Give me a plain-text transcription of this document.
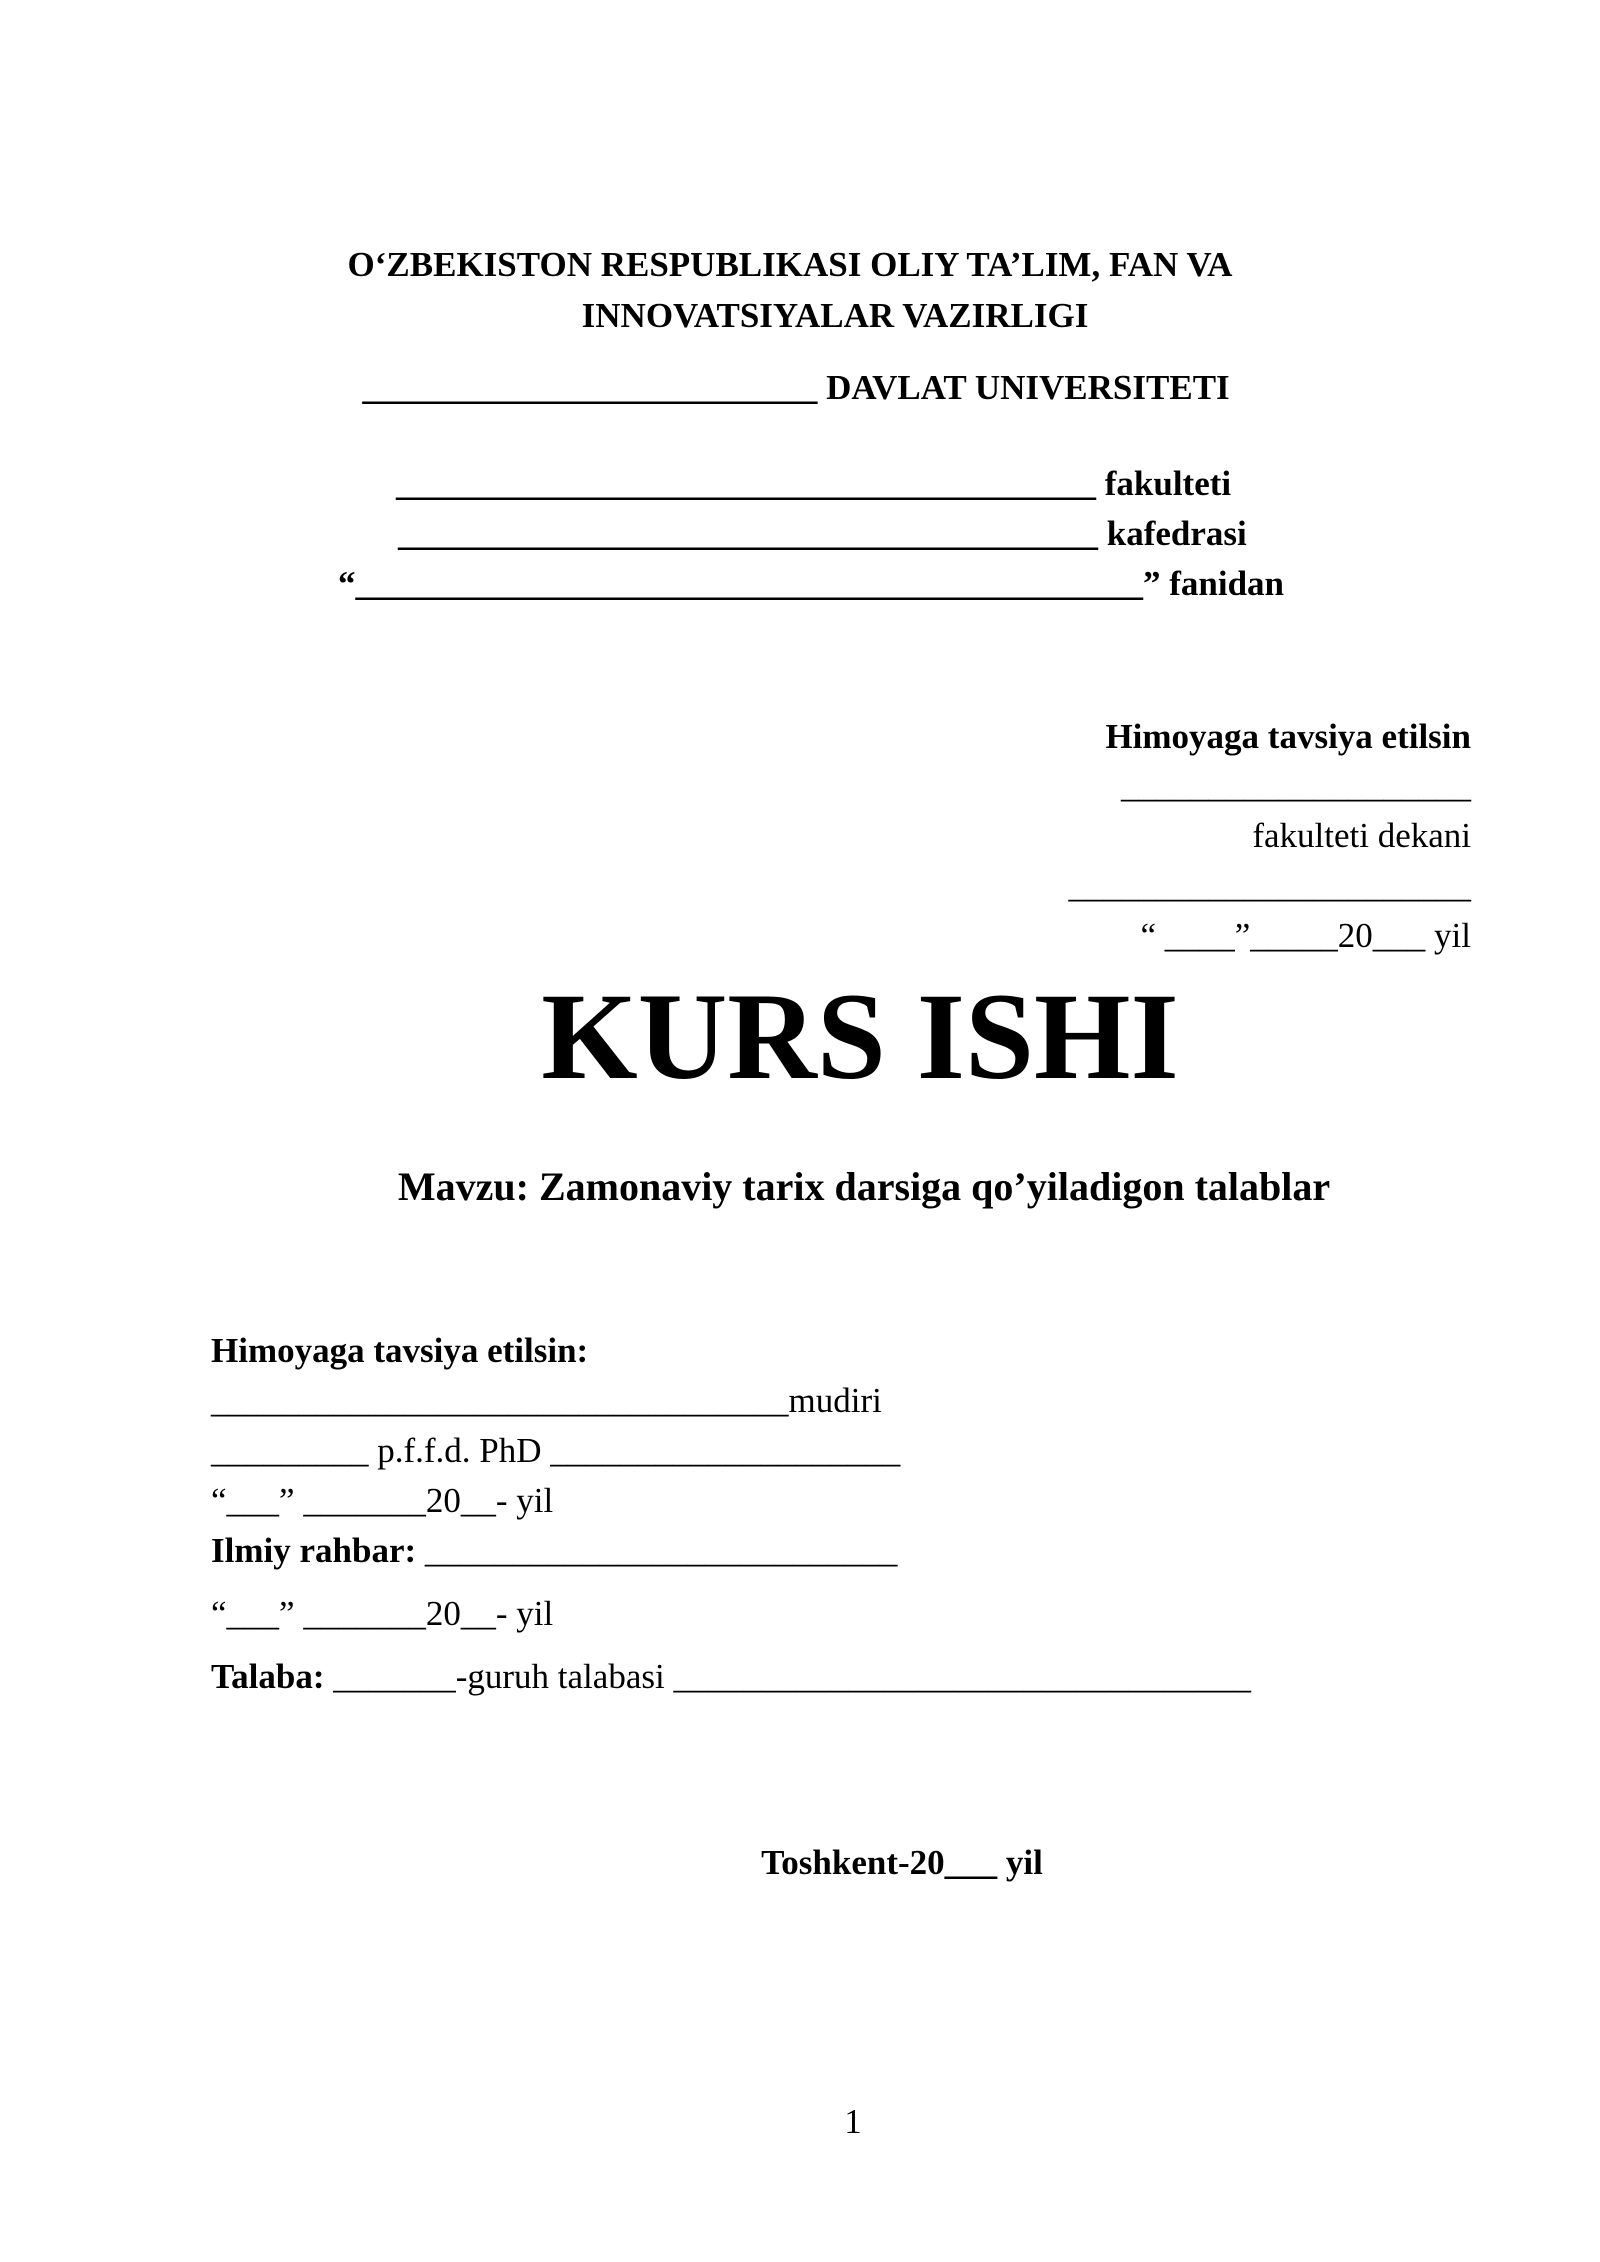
O‘ZBEKISTON RESPUBLIKASI OLIY TA’LIM, FAN VA
INNOVATSIYALAR VAZIRLIGI
__________________________ DAVLAT UNIVERSITETI
________________________________________ fakulteti
________________________________________ kafedrasi
“_____________________________________________” fanidan
Himoyaga tavsiya etilsin
____________________
fakulteti dekani
_______________________
“ ____”_____20___ yil
KURS ISHI
Mavzu: Zamonaviy tarix darsiga qo’yiladigon talablar
Himoyaga tavsiya etilsin:
_________________________________mudiri
_________ p.f.f.d. PhD ____________________
“___” _______20__- yil
Ilmiy rahbar: ___________________________
“___” _______20__- yil
Talaba: _______-guruh talabasi _________________________________
Toshkent-20___ yil
1
